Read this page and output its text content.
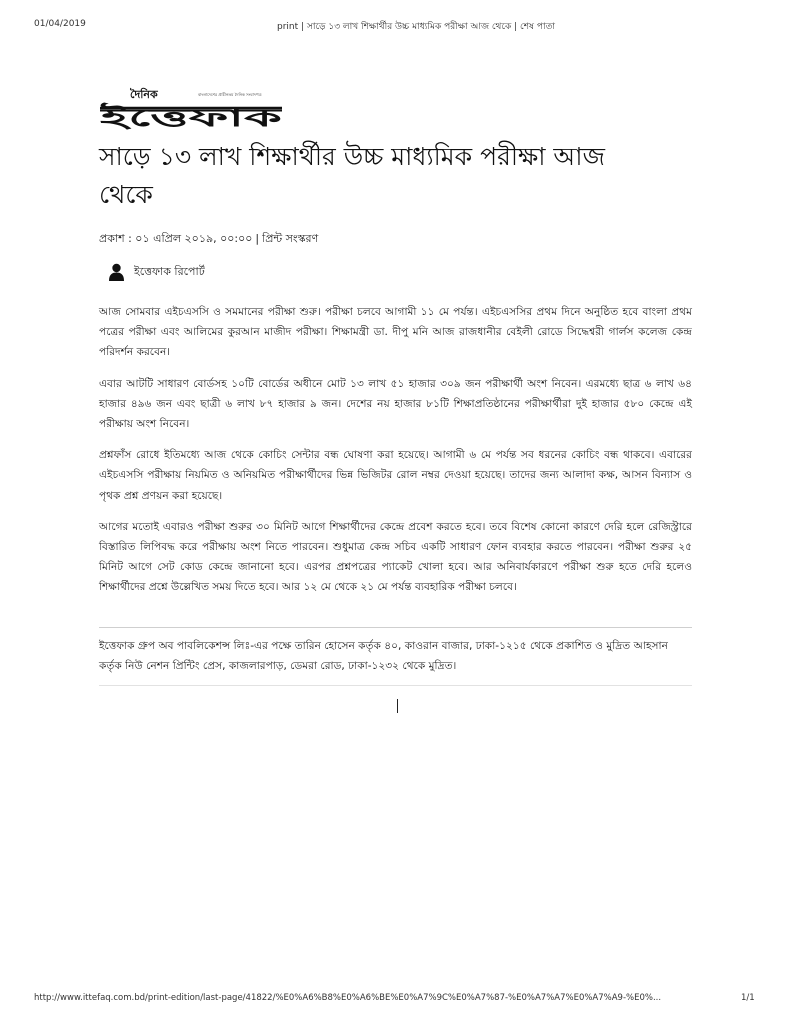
01/04/2019	print | সাড়ে ১৩ লাখ শিক্ষার্থীর উচ্চ মাধ্যমিক পরীক্ষা আজ থেকে | শেষ পাতা
দৈনিক	বাংলাদেশের প্রাচীনতম দৈনিক সংবাদপত্র
ইত্তেফাক
সাড়ে ১৩ লাখ শিক্ষার্থীর উচ্চ মাধ্যমিক পরীক্ষা আজ থেকে
প্রকাশ : ০১ এপ্রিল ২০১৯, ০০:০০ | প্রিন্ট সংস্করণ
ইত্তেফাক রিপোর্ট

আজ সোমবার এইচএসসি ও সমমানের পরীক্ষা শুরু। পরীক্ষা চলবে আগামী ১১ মে পর্যন্ত। এইচএসসির প্রথম দিনে অনুষ্ঠিত হবে বাংলা প্রথম পত্রের পরীক্ষা এবং আলিমের কুরআন মাজীদ পরীক্ষা। শিক্ষামন্ত্রী ডা. দীপু মনি আজ রাজধানীর বেইলী রোডে সিদ্ধেশ্বরী গার্লস কলেজ কেন্দ্র পরিদর্শন করবেন।

এবার আটটি সাধারণ বোর্ডসহ ১০টি বোর্ডের অধীনে মোট ১৩ লাখ ৫১ হাজার ৩০৯ জন পরীক্ষার্থী অংশ নিবেন। এরমধ্যে ছাত্র ৬ লাখ ৬৪ হাজার ৪৯৬ জন এবং ছাত্রী ৬ লাখ ৮৭ হাজার ৯ জন। দেশের নয় হাজার ৮১টি শিক্ষাপ্রতিষ্ঠানের পরীক্ষার্থীরা দুই হাজার ৫৮০ কেন্দ্রে এই পরীক্ষায় অংশ নিবেন।

প্রশ্নফাঁস রোধে ইতিমধ্যে আজ থেকে কোচিং সেন্টার বন্ধ ঘোষণা করা হয়েছে। আগামী ৬ মে পর্যন্ত সব ধরনের কোচিং বন্ধ থাকবে। এবারের এইচএসসি পরীক্ষায় নিয়মিত ও অনিয়মিত পরীক্ষার্থীদের ভিন্ন ভিজিটর রোল নম্বর দেওয়া হয়েছে। তাদের জন্য আলাদা কক্ষ, আসন বিন্যাস ও পৃথক প্রশ্ন প্রণয়ন করা হয়েছে।

আগের মতোই এবারও পরীক্ষা শুরুর ৩০ মিনিট আগে শিক্ষার্থীদের কেন্দ্রে প্রবেশ করতে হবে। তবে বিশেষ কোনো কারণে দেরি হলে রেজিস্ট্রারে বিস্তারিত লিপিবদ্ধ করে পরীক্ষায় অংশ নিতে পারবেন। শুধুমাত্র কেন্দ্র সচিব একটি সাধারণ ফোন ব্যবহার করতে পারবেন। পরীক্ষা শুরুর ২৫ মিনিট আগে সেট কোড কেন্দ্রে জানানো হবে। এরপর প্রশ্নপত্রের প্যাকেট খোলা হবে। আর অনিবার্যকারণে পরীক্ষা শুরু হতে দেরি হলেও শিক্ষার্থীদের প্রশ্নে উল্লেখিত সময় দিতে হবে। আর ১২ মে থেকে ২১ মে পর্যন্ত ব্যবহারিক পরীক্ষা চলবে।

ইত্তেফাক গ্রুপ অব পাবলিকেশন্স লিঃ-এর পক্ষে তারিন হোসেন কর্তৃক ৪০, কাওরান বাজার, ঢাকা-১২১৫ থেকে প্রকাশিত ও মুদ্রিত আহসান কর্তৃক নিউ নেশন প্রিন্টিং প্রেস, কাজলারপাড়, ডেমরা রোড, ঢাকা-১২৩২ থেকে মুদ্রিত।

http://www.ittefaq.com.bd/print-edition/last-page/41822/%E0%A6%B8%E0%A6%BE%E0%A7%9C%E0%A7%87-%E0%A7%A7%E0%A7%A9-%E0%...	1/1
